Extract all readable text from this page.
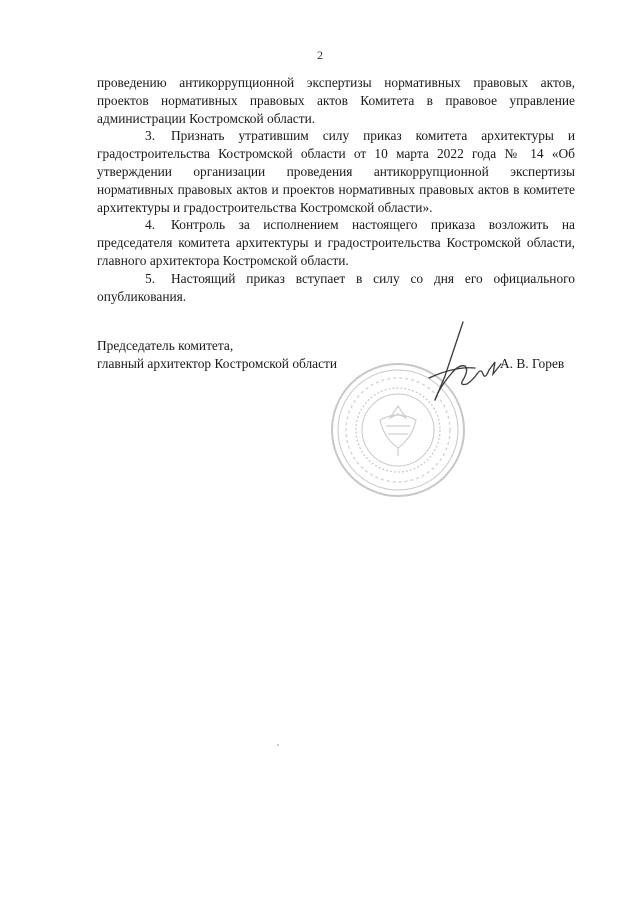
2

проведению антикоррупционной экспертизы нормативных правовых актов, проектов нормативных правовых актов Комитета в правовое управление администрации Костромской области.

3. Признать утратившим силу приказ комитета архитектуры и градостроительства Костромской области от 10 марта 2022 года № 14 «Об утверждении организации проведения антикоррупционной экспертизы нормативных правовых актов и проектов нормативных правовых актов в комитете архитектуры и градостроительства Костромской области».

4. Контроль за исполнением настоящего приказа возложить на председателя комитета архитектуры и градостроительства Костромской области, главного архитектора Костромской области.

5. Настоящий приказ вступает в силу со дня его официального опубликования.

Председатель комитета,
главный архитектор Костромской области	А. В. Горев
